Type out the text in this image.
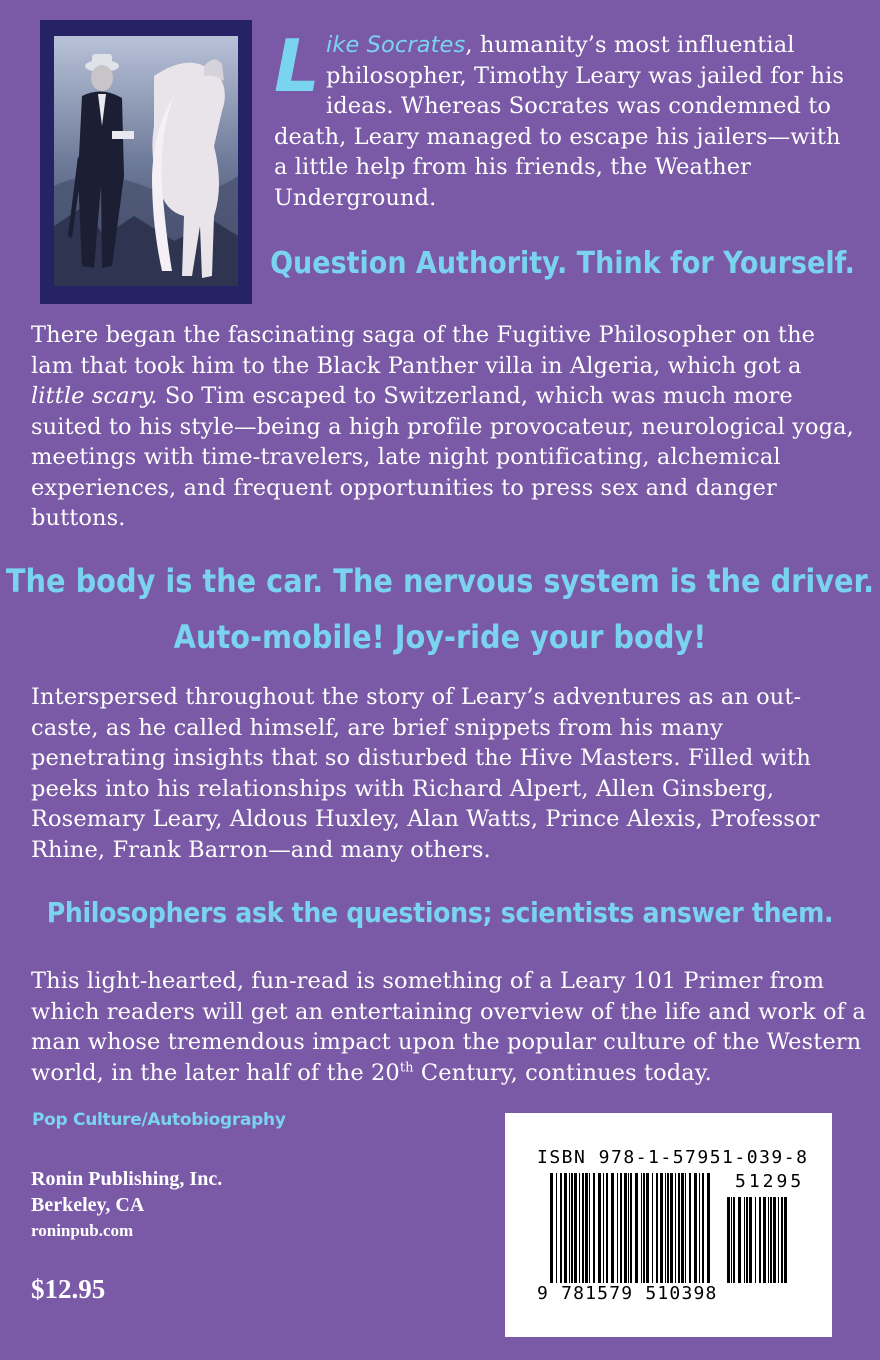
Like Socrates, humanity’s most influential philosopher, Timothy Leary was jailed for his ideas. Whereas Socrates was condemned to death, Leary managed to escape his jailers—with a little help from his friends, the Weather Underground.

Question Authority. Think for Yourself.

There began the fascinating saga of the Fugitive Philosopher on the lam that took him to the Black Panther villa in Algeria, which got a little scary. So Tim escaped to Switzerland, which was much more suited to his style—being a high profile provocateur, neurological yoga, meetings with time-travelers, late night pontificating, alchemical experiences, and frequent opportunities to press sex and danger buttons.

The body is the car. The nervous system is the driver.
Auto-mobile! Joy-ride your body!

Interspersed throughout the story of Leary’s adventures as an out-caste, as he called himself, are brief snippets from his many penetrating insights that so disturbed the Hive Masters. Filled with peeks into his relationships with Richard Alpert, Allen Ginsberg, Rosemary Leary, Aldous Huxley, Alan Watts, Prince Alexis, Professor Rhine, Frank Barron—and many others.

Philosophers ask the questions; scientists answer them.

This light-hearted, fun-read is something of a Leary 101 Primer from which readers will get an entertaining overview of the life and work of a man whose tremendous impact upon the popular culture of the Western world, in the later half of the 20th Century, continues today.

Pop Culture/Autobiography
Ronin Publishing, Inc.
Berkeley, CA
roninpub.com
$12.95
ISBN 978-1-57951-039-8
51295
9 781579 510398
